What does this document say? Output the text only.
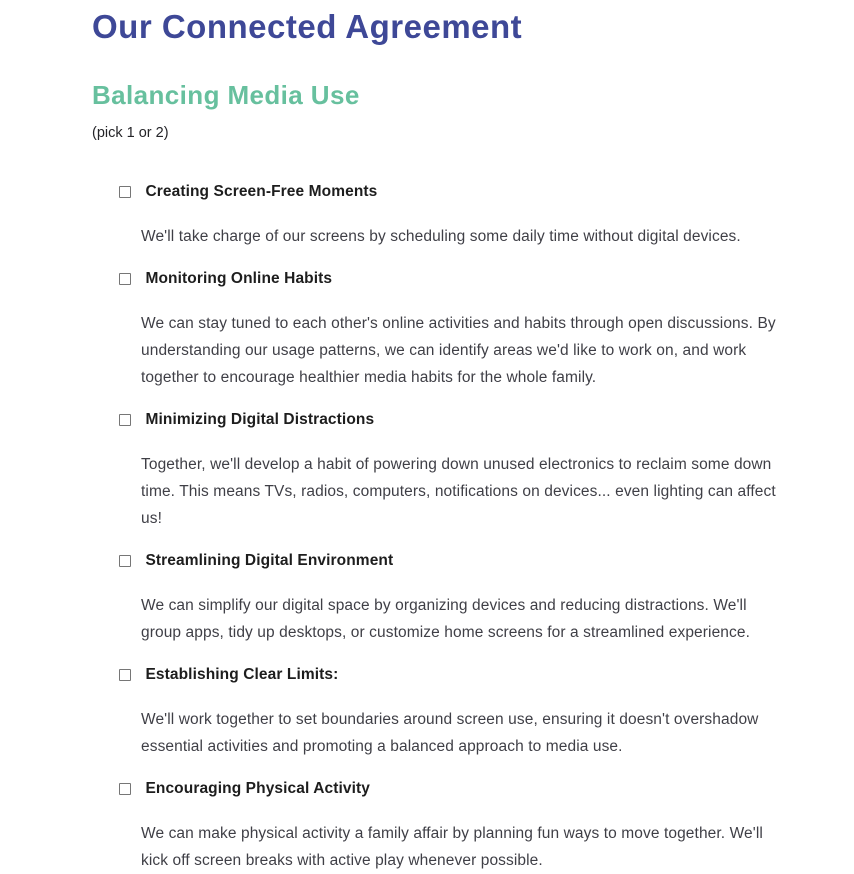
Our Connected Agreement
Balancing Media Use
(pick 1 or 2)
Creating Screen-Free Moments

We'll take charge of our screens by scheduling some daily time without digital devices.

Monitoring Online Habits

We can stay tuned to each other's online activities and habits through open discussions. By understanding our usage patterns, we can identify areas we'd like to work on, and work together to encourage healthier media habits for the whole family.

Minimizing Digital Distractions

Together, we'll develop a habit of powering down unused electronics to reclaim some down time. This means TVs, radios, computers, notifications on devices... even lighting can affect us!

Streamlining Digital Environment

We can simplify our digital space by organizing devices and reducing distractions. We'll group apps, tidy up desktops, or customize home screens for a streamlined experience.

Establishing Clear Limits:

We'll work together to set boundaries around screen use, ensuring it doesn't overshadow essential activities and promoting a balanced approach to media use.

Encouraging Physical Activity

We can make physical activity a family affair by planning fun ways to move together. We'll kick off screen breaks with active play whenever possible.
